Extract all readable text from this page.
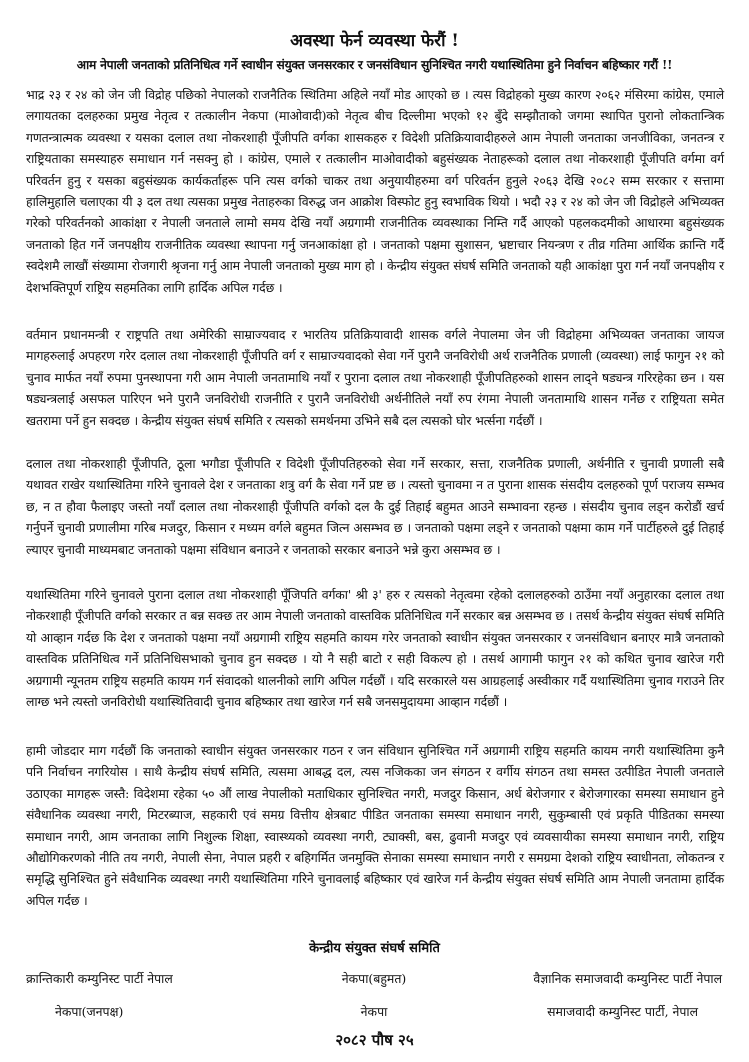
अवस्था फेर्न व्यवस्था फेरौं !
आम नेपाली जनताको प्रतिनिधित्व गर्ने स्वाधीन संयुक्त जनसरकार र जनसंविधान सुनिश्चित नगरी यथास्थितिमा हुने निर्वाचन बहिष्कार गरौं !!

भाद्र २३ र २४ को जेन जी विद्रोह पछिको नेपालको राजनैतिक स्थितिमा अहिले नयाँ मोड आएको छ । त्यस विद्रोहको मुख्य कारण २०६२ मंसिरमा कांग्रेस, एमाले लगायतका दलहरुका प्रमुख नेतृत्व र तत्कालीन नेकपा (माओवादी)को नेतृत्व बीच दिल्लीमा भएको १२ बुँदे सम्झौताको जगमा स्थापित पुरानो लोकतान्त्रिक गणतन्त्रात्मक व्यवस्था र यसका दलाल तथा नोकरशाही पूँजीपति वर्गका शासकहरु र विदेशी प्रतिक्रियावादीहरुले आम नेपाली जनताका जनजीविका, जनतन्त्र र राष्ट्रियताका समस्याहरु समाधान गर्न नसक्नु हो । कांग्रेस, एमाले र तत्कालीन माओवादीको बहुसंख्यक नेताहरूको दलाल तथा नोकरशाही पूँजीपति वर्गमा वर्ग परिवर्तन हुनु र यसका बहुसंख्यक कार्यकर्ताहरू पनि त्यस वर्गको चाकर तथा अनुयायीहरुमा वर्ग परिवर्तन हुनुले २०६३ देखि २०८२ सम्म सरकार र सत्तामा हालिमुहालि चलाएका यी ३ दल तथा त्यसका प्रमुख नेताहरुका विरुद्ध जन आक्रोश विस्फोट हुनु स्वभाविक थियो । भदौ २३ र २४ को जेन जी विद्रोहले अभिव्यक्त गरेको परिवर्तनको आकांक्षा र नेपाली जनताले लामो समय देखि नयाँ अग्रगामी राजनीतिक व्यवस्थाका निम्ति गर्दै आएको पहलकदमीको आधारमा बहुसंख्यक जनताको हित गर्ने जनपक्षीय राजनीतिक व्यवस्था स्थापना गर्नु जनआकांक्षा हो । जनताको पक्षमा सुशासन, भ्रष्टाचार नियन्त्रण र तीव्र गतिमा आर्थिक क्रान्ति गर्दै स्वदेशमै लाखौं संख्यामा रोजगारी श्रृजना गर्नु आम नेपाली जनताको मुख्य माग हो । केन्द्रीय संयुक्त संघर्ष समिति जनताको यही आकांक्षा पुरा गर्न नयाँ जनपक्षीय र देशभक्तिपूर्ण राष्ट्रिय सहमतिका लागि हार्दिक अपिल गर्दछ ।

वर्तमान प्रधानमन्त्री र राष्ट्रपति तथा अमेरिकी साम्राज्यवाद र भारतिय प्रतिक्रियावादी शासक वर्गले नेपालमा जेन जी विद्रोहमा अभिव्यक्त जनताका जायज मागहरुलाई अपहरण गरेर दलाल तथा नोकरशाही पूँजीपति वर्ग र साम्राज्यवादको सेवा गर्ने पुरानै जनविरोधी अर्थ राजनैतिक प्रणाली (व्यवस्था) लाई फागुन २१ को चुनाव मार्फत नयाँ रुपमा पुनस्थापना गरी आम नेपाली जनतामाथि नयाँ र पुराना दलाल तथा नोकरशाही पूँजीपतिहरुको शासन लाद्ने षड्यन्त्र गरिरहेका छन । यस षड्यन्त्रलाई असफल पारिएन भने पुरानै जनविरोधी राजनीति र पुरानै जनविरोधी अर्थनीतिले नयाँ रुप रंगमा नेपाली जनतामाथि शासन गर्नेछ र राष्ट्रियता समेत खतरामा पर्ने हुन सक्दछ । केन्द्रीय संयुक्त संघर्ष समिति र त्यसको समर्थनमा उभिने सबै दल त्यसको घोर भर्त्सना गर्दछौं ।

दलाल तथा नोकरशाही पूँजीपति, ठूला भगौडा पूँजीपति र विदेशी पूँजीपतिहरुको सेवा गर्ने सरकार, सत्ता, राजनैतिक प्रणाली, अर्थनीति र चुनावी प्रणाली सबै यथावत राखेर यथास्थितिमा गरिने चुनावले देश र जनताका शत्रु वर्ग कै सेवा गर्ने प्रष्ट छ । त्यस्तो चुनावमा न त पुराना शासक संसदीय दलहरुको पूर्ण पराजय सम्भव छ, न त हौवा फैलाइए जस्तो नयाँ दलाल तथा नोकरशाही पूँजीपति वर्गको दल कै दुई तिहाई बहुमत आउने सम्भावना रहन्छ । संसदीय चुनाव लड्न करोडौं खर्च गर्नुपर्ने चुनावी प्रणालीमा गरिब मजदुर, किसान र मध्यम वर्गले बहुमत जित्न असम्भव छ । जनताको पक्षमा लड्ने र जनताको पक्षमा काम गर्ने पार्टीहरुले दुई तिहाई ल्याएर चुनावी माध्यमबाट जनताको पक्षमा संविधान बनाउने र जनताको सरकार बनाउने भन्ने कुरा असम्भव छ ।

यथास्थितिमा गरिने चुनावले पुराना दलाल तथा नोकरशाही पूँजिपति वर्गका' श्री ३' हरु र त्यसको नेतृत्वमा रहेको दलालहरुको ठाउँमा नयाँ अनुहारका दलाल तथा नोकरशाही पूँजीपति वर्गको सरकार त बन्न सक्छ तर आम नेपाली जनताको वास्तविक प्रतिनिधित्व गर्ने सरकार बन्न असम्भव छ । तसर्थ केन्द्रीय संयुक्त संघर्ष समिति यो आव्हान गर्दछ कि देश र जनताको पक्षमा नयाँ अग्रगामी राष्ट्रिय सहमति कायम गरेर जनताको स्वाधीन संयुक्त जनसरकार र जनसंविधान बनाएर मात्रै जनताको वास्तविक प्रतिनिधित्व गर्ने प्रतिनिधिसभाको चुनाव हुन सक्दछ । यो नै सही बाटो र सही विकल्प हो । तसर्थ आगामी फागुन २१ को कथित चुनाव खारेज गरी अग्रगामी न्यूनतम राष्ट्रिय सहमति कायम गर्न संवादको थालनीको लागि अपिल गर्दछौं । यदि सरकारले यस आग्रहलाई अस्वीकार गर्दै यथास्थितिमा चुनाव गराउने तिर लाग्छ भने त्यस्तो जनविरोधी यथास्थितिवादी चुनाव बहिष्कार तथा खारेज गर्न सबै जनसमुदायमा आव्हान गर्दछौं ।

हामी जोडदार माग गर्दछौं कि जनताको स्वाधीन संयुक्त जनसरकार गठन र जन संविधान सुनिश्चित गर्ने अग्रगामी राष्ट्रिय सहमति कायम नगरी यथास्थितिमा कुनै पनि निर्वाचन नगरियोस । साथै केन्द्रीय संघर्ष समिति, त्यसमा आबद्ध दल, त्यस नजिकका जन संगठन र वर्गीय संगठन तथा समस्त उत्पीडित नेपाली जनताले उठाएका मागहरू जस्तै: विदेशमा रहेका ५० औं लाख नेपालीको मताधिकार सुनिश्चित नगरी, मजदुर किसान, अर्ध बेरोजगार र बेरोजगारका समस्या समाधान हुने संवैधानिक व्यवस्था नगरी, मिटरब्याज, सहकारी एवं समग्र वित्तीय क्षेत्रबाट पीडित जनताका समस्या समाधान नगरी, सुकुम्बासी एवं प्रकृति पीडितका समस्या समाधान नगरी, आम जनताका लागि निशुल्क शिक्षा, स्वास्थ्यको व्यवस्था नगरी, ट्याक्सी, बस, ढुवानी मजदुर एवं व्यवसायीका समस्या समाधान नगरी, राष्ट्रिय औद्योगिकरणको नीति तय नगरी, नेपाली सेना, नेपाल प्रहरी र बहिगर्मित जनमुक्ति सेनाका समस्या समाधान नगरी र समग्रमा देशको राष्ट्रिय स्वाधीनता, लोकतन्त्र र समृद्धि सुनिश्चित हुने संवैधानिक व्यवस्था नगरी यथास्थितिमा गरिने चुनावलाई बहिष्कार एवं खारेज गर्न केन्द्रीय संयुक्त संघर्ष समिति आम नेपाली जनतामा हार्दिक अपिल गर्दछ ।

केन्द्रीय संयुक्त संघर्ष समिति
क्रान्तिकारी कम्युनिस्ट पार्टी नेपाल	नेकपा(बहुमत)	वैज्ञानिक समाजवादी कम्युनिस्ट पार्टी नेपाल
नेकपा(जनपक्ष)	नेकपा	समाजवादी कम्युनिस्ट पार्टी, नेपाल
२०८२ पौष २५
